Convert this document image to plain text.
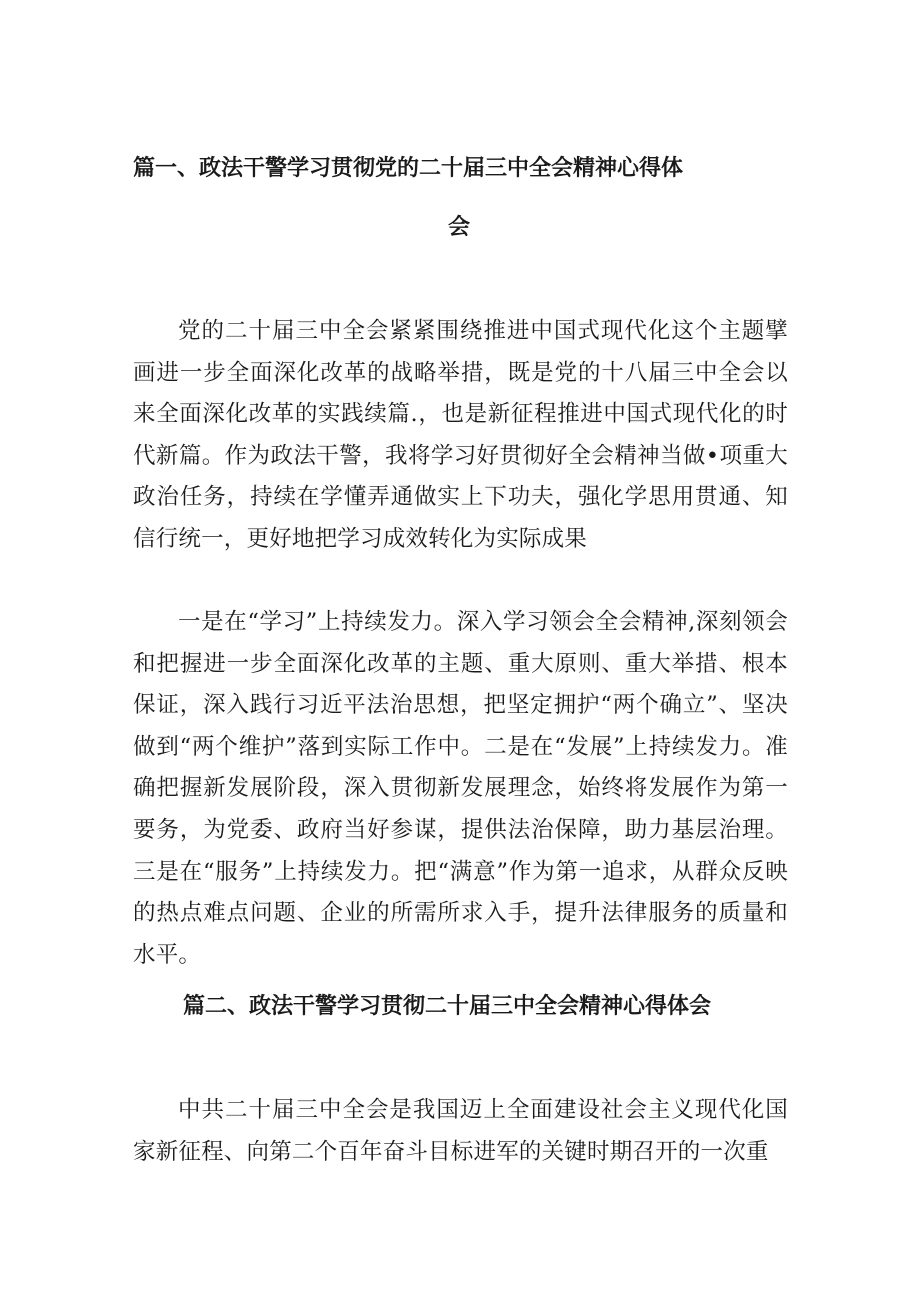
篇一、政法干警学习贯彻党的二十届三中全会精神心得体
会
党的二十届三中全会紧紧围绕推进中国式现代化这个主题擘画进一步全面深化改革的战略举措，既是党的十八届三中全会以来全面深化改革的实践续篇.，也是新征程推进中国式现代化的时代新篇。作为政法干警，我将学习好贯彻好全会精神当做•项重大政治任务，持续在学懂弄通做实上下功夫，强化学思用贯通、知信行统一，更好地把学习成效转化为实际成果
一是在“学习”上持续发力。深入学习领会全会精神,深刻领会和把握进一步全面深化改革的主题、重大原则、重大举措、根本保证，深入践行习近平法治思想，把坚定拥护“两个确立”、坚决做到“两个维护”落到实际工作中。二是在“发展”上持续发力。准确把握新发展阶段，深入贯彻新发展理念，始终将发展作为第一要务，为党委、政府当好参谋，提供法治保障，助力基层治理。三是在“服务”上持续发力。把“满意”作为第一追求，从群众反映的热点难点问题、企业的所需所求入手，提升法律服务的质量和水平。
篇二、政法干警学习贯彻二十届三中全会精神心得体会
中共二十届三中全会是我国迈上全面建设社会主义现代化国家新征程、向第二个百年奋斗目标进军的关键时期召开的一次重
